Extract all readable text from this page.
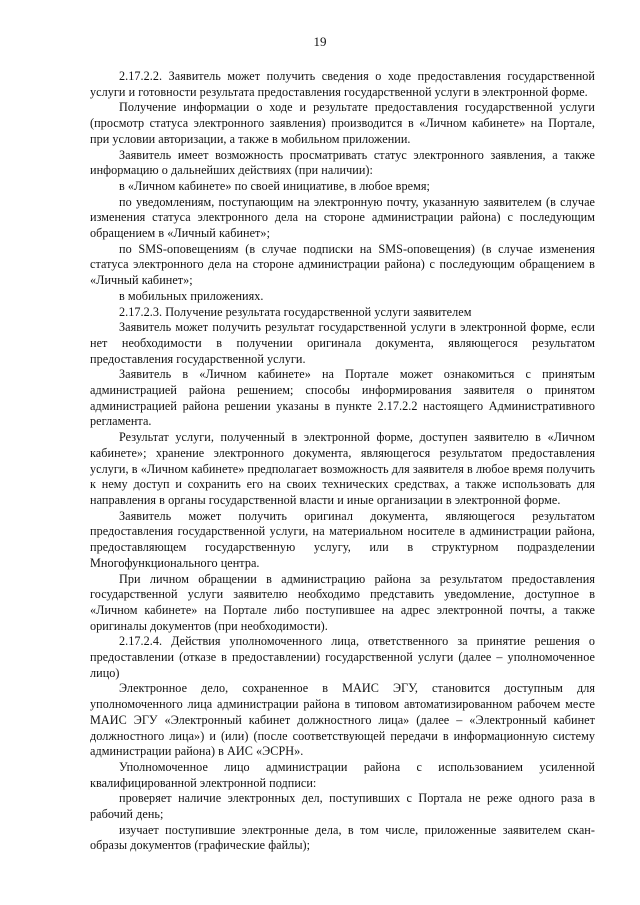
19

2.17.2.2. Заявитель может получить сведения о ходе предоставления государственной услуги и готовности результата предоставления государственной услуги в электронной форме.

Получение информации о ходе и результате предоставления государственной услуги (просмотр статуса электронного заявления) производится в «Личном кабинете» на Портале, при условии авторизации, а также в мобильном приложении.

Заявитель имеет возможность просматривать статус электронного заявления, а также информацию о дальнейших действиях (при наличии):

в «Личном кабинете» по своей инициативе, в любое время;

по уведомлениям, поступающим на электронную почту, указанную заявителем (в случае изменения статуса электронного дела на стороне администрации района) с последующим обращением в «Личный кабинет»;

по SMS-оповещениям (в случае подписки на SMS-оповещения) (в случае изменения статуса электронного дела на стороне администрации района) с последующим обращением в «Личный кабинет»;

в мобильных приложениях.

2.17.2.3. Получение результата государственной услуги заявителем

Заявитель может получить результат государственной услуги в электронной форме, если нет необходимости в получении оригинала документа, являющегося результатом предоставления государственной услуги.

Заявитель в «Личном кабинете» на Портале может ознакомиться с принятым администрацией района решением; способы информирования заявителя о принятом администрацией района решении указаны в пункте 2.17.2.2 настоящего Административного регламента.

Результат услуги, полученный в электронной форме, доступен заявителю в «Личном кабинете»; хранение электронного документа, являющегося результатом предоставления услуги, в «Личном кабинете» предполагает возможность для заявителя в любое время получить к нему доступ и сохранить его на своих технических средствах, а также использовать для направления в органы государственной власти и иные организации в электронной форме.

Заявитель может получить оригинал документа, являющегося результатом предоставления государственной услуги, на материальном носителе в администрации района, предоставляющем государственную услугу, или в структурном подразделении Многофункционального центра.

При личном обращении в администрацию района за результатом предоставления государственной услуги заявителю необходимо представить уведомление, доступное в «Личном кабинете» на Портале либо поступившее на адрес электронной почты, а также оригиналы документов (при необходимости).

2.17.2.4. Действия уполномоченного лица, ответственного за принятие решения о предоставлении (отказе в предоставлении) государственной услуги (далее – уполномоченное лицо)

Электронное дело, сохраненное в МАИС ЭГУ, становится доступным для уполномоченного лица администрации района в типовом автоматизированном рабочем месте МАИС ЭГУ «Электронный кабинет должностного лица» (далее – «Электронный кабинет должностного лица») и (или) (после соответствующей передачи в информационную систему администрации района) в АИС «ЭСРН».

Уполномоченное лицо администрации района с использованием усиленной квалифицированной электронной подписи:

проверяет наличие электронных дел, поступивших с Портала не реже одного раза в рабочий день;

изучает поступившие электронные дела, в том числе, приложенные заявителем скан-образы документов (графические файлы);
